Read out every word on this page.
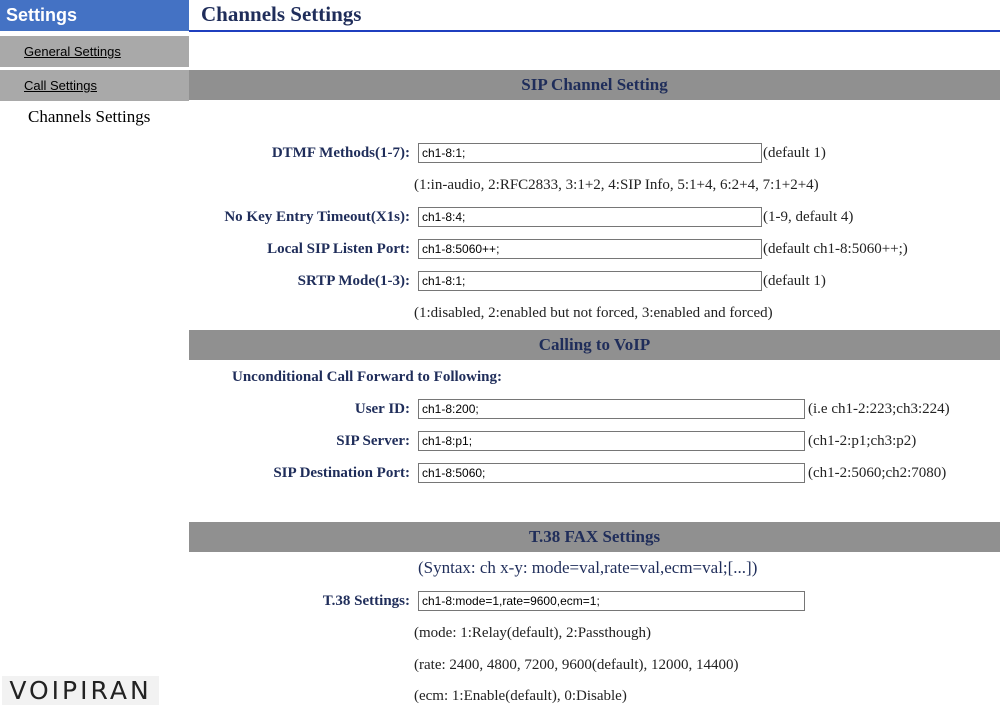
Settings
General Settings
Call Settings
Channels Settings
VOIPIRAN
Channels Settings
SIP Channel Setting
DTMF Methods(1-7):
ch1-8:1;	(default 1)
(1:in-audio, 2:RFC2833, 3:1+2, 4:SIP Info, 5:1+4, 6:2+4, 7:1+2+4)
No Key Entry Timeout(X1s):
ch1-8:4;	(1-9, default 4)
Local SIP Listen Port:
ch1-8:5060++;	(default ch1-8:5060++;)
SRTP Mode(1-3):
ch1-8:1;	(default 1)
(1:disabled, 2:enabled but not forced, 3:enabled and forced)
Calling to VoIP
Unconditional Call Forward to Following:
User ID:
ch1-8:200;	(i.e ch1-2:223;ch3:224)
SIP Server:
ch1-8:p1;	(ch1-2:p1;ch3:p2)
SIP Destination Port:
ch1-8:5060;	(ch1-2:5060;ch2:7080)
T.38 FAX Settings
(Syntax: ch x-y: mode=val,rate=val,ecm=val;[...])
T.38 Settings:
ch1-8:mode=1,rate=9600,ecm=1;
(mode: 1:Relay(default), 2:Passthough)
(rate: 2400, 4800, 7200, 9600(default), 12000, 14400)
(ecm: 1:Enable(default), 0:Disable)
